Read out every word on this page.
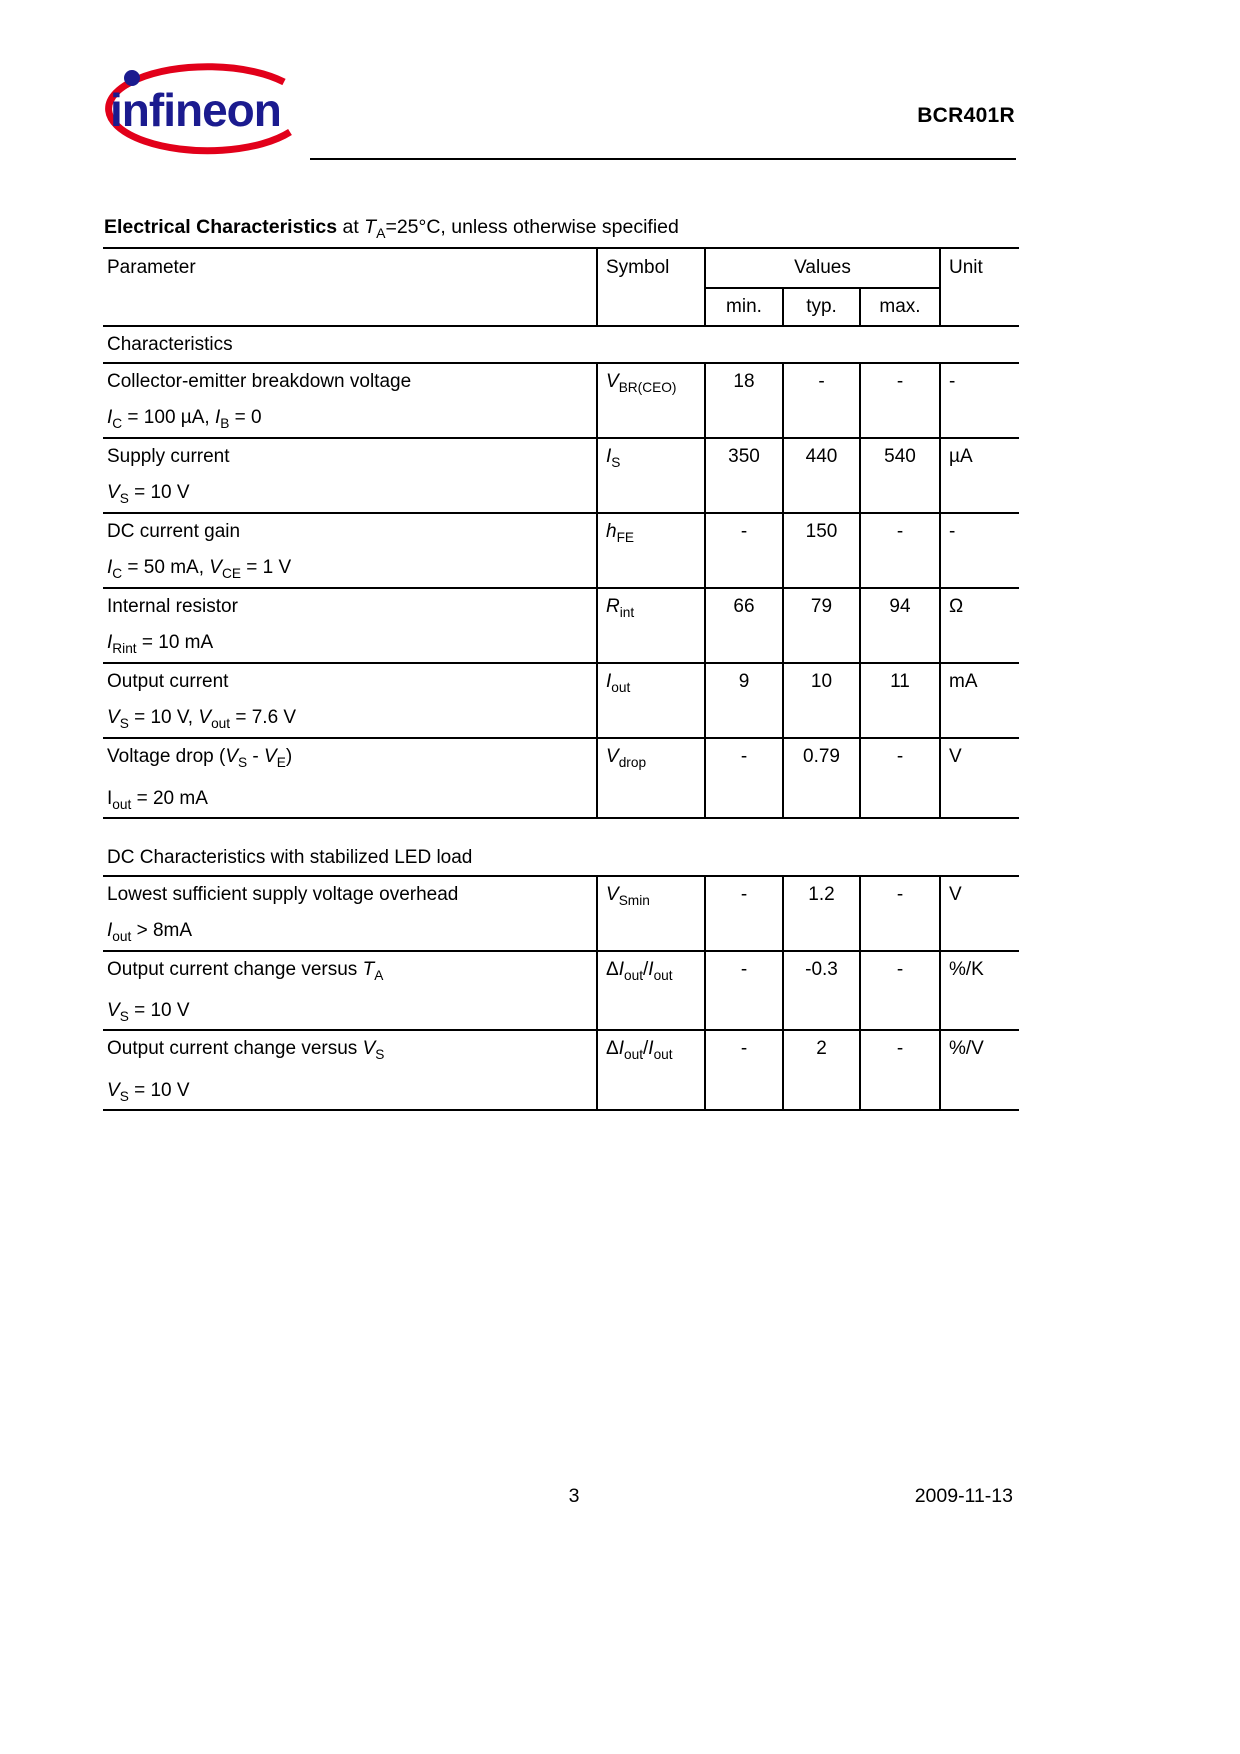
infineon	BCR401R
Electrical Characteristics at $T_A=25^\circ C$, unless otherwise specified
Parameter	Symbol	Values			Unit
		min.	typ.	max.	
Characteristics					

Collector-emitter breakdown voltage
$I_C = 100$ µA, $I_B = 0$	$V_{BR(CEO)}$	18	-	-	-

Supply current
$V_S = 10$ V	$I_S$	350	440	540	µA

DC current gain
$I_C = 50$ mA, $V_{CE} = 1$ V	$h_{FE}$	-	150	-	-

Internal resistor
$I_{Rint} = 10$ mA	$R_{int}$	66	79	94	Ω

Output current
$V_S = 10$ V, $V_{out} = 7.6$ V	$I_{out}$	9	10	11	mA

Voltage drop $(V_S - V_E)$
$I_{out} = 20$ mA	$V_{drop}$	-	0.79	-	V
DC Characteristics with stabilized LED load					

Lowest sufficient supply voltage overhead
$I_{out} > 8mA$	$V_{Smin}$	-	1.2	-	V

Output current change versus $T_A$
$V_S = 10$ V	$\Delta I_{out}/I_{out}$	-	-0.3	-	%/K

Output current change versus $V_S$
$V_S = 10$ V	$\Delta I_{out}/I_{out}$	-	2	-	%/V
3	2009-11-13
